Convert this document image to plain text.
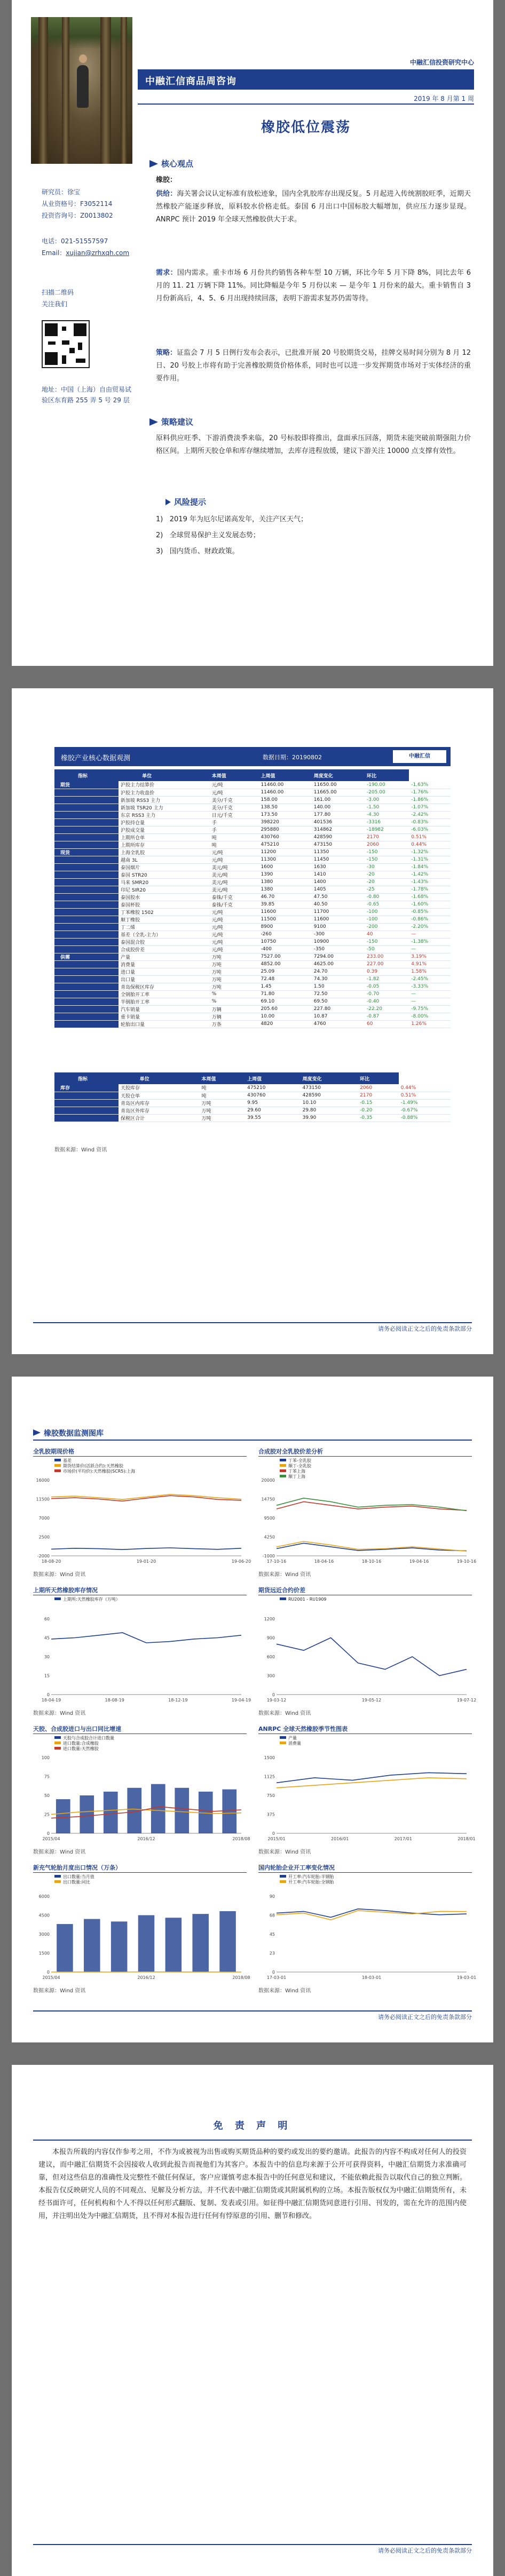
中融汇信投资研究中心
中融汇信商品周咨询
2019 年 8 月第 1 周
橡胶低位震荡
研究员：徐宝
从业资格号：F3052114
投资咨询号：Z0013802
电话：021-51557597
Email：xujian@zrhxqh.com
扫描二维码
关注我们
地址：中国（上海）自由贸易试验区东育路 255 弄 5 号 29 层
核心观点
橡胶：
供给：海关署会议认定标准有放松迹象，国内全乳胶库存出现反复。5 月起进入传统割胶旺季，近期天然橡胶产能逐步释放，原料胶水价格走低。泰国 6 月出口中国标胶大幅增加，供应压力逐步显现。ANRPC 预计 2019 年全球天然橡胶供大于求。
需求：国内需求。重卡市场 6 月份共约销售各种车型 10 万辆，环比今年 5 月下降 8%，同比去年 6 月的 11. 21 万辆下降 11%。同比降幅是今年 5 月份以来 — 是今年 1 月份来的最大。重卡销售自 3 月份新高后，4、5、6 月出现持续回落，表明下游需求复苏仍需等待。
策略：证监会 7 月 5 日例行发布会表示，已批准开展 20 号胶期货交易，挂牌交易时间分别为 8 月 12 日、20 号胶上市将有助于完善橡胶期货价格体系，同时也可以进一步发挥期货市场对于实体经济的重要作用。
策略建议
原料供应旺季、下游消费淡季来临，20 号标胶即将推出，盘面承压回落，期货未能突破前期强阻力价格区间。上期所天胶仓单和库存继续增加，去库存进程放缓，建议下游关注 10000 点支撑有效性。
风险提示
1)   2019 年为厄尔尼诺高发年，关注产区天气；
2)   全球贸易保护主义发展态势；
3)   国内货币、财政政策。
橡胶产业核心数据观测	数据日期：20190802	中融汇信
	指标		单位	本周值	上周值	周度变化	环比	
期货		沪胶主力结算价		元/吨	11460.00	11650.00	-190.00	-1.63%
		沪胶主力收盘价		元/吨	11460.00	11665.00	-205.00	-1.76%
		新加坡 RSS3 主力		美分/千克	158.00	161.00	-3.00	-1.86%
		新加坡 TSR20 主力		美分/千克	138.50	140.00	-1.50	-1.07%
		东京 RSS3 主力		日元/千克	173.50	177.80	-4.30	-2.42%
		沪胶持仓量		手	398220	401536	-3316	-0.83%
		沪胶成交量		手	295880	314862	-18982	-6.03%
		上期所仓单		吨	430760	428590	2170	0.51%
		上期所库存		吨	475210	473150	2060	0.44%
现货		上海全乳胶		元/吨	11200	11350	-150	-1.32%
		越南 3L		元/吨	11300	11450	-150	-1.31%
		泰国烟片		美元/吨	1600	1630	-30	-1.84%
		泰国 STR20		美元/吨	1390	1410	-20	-1.42%
		马来 SMR20		美元/吨	1380	1400	-20	-1.43%
		印尼 SIR20		美元/吨	1380	1405	-25	-1.78%
		泰国胶水		泰铢/千克	46.70	47.50	-0.80	-1.68%
		泰国杯胶		泰铢/千克	39.85	40.50	-0.65	-1.60%
		丁苯橡胶 1502		元/吨	11600	11700	-100	-0.85%
		顺丁橡胶		元/吨	11500	11600	-100	-0.86%
		丁二烯		元/吨	8900	9100	-200	-2.20%
		基差（全乳-主力）		元/吨	-260	-300	40	—
		泰国混合胶		元/吨	10750	10900	-150	-1.38%
		合成胶价差		元/吨	-400	-350	-50	—
供需		产量		万吨	7527.00	7294.00	233.00	3.19%
		消费量		万吨	4852.00	4625.00	227.00	4.91%
		进口量		万吨	25.09	24.70	0.39	1.58%
		出口量		万吨	72.48	74.30	-1.82	-2.45%
		青岛保税区库存		万吨	1.45	1.50	-0.05	-3.33%
		全钢胎开工率		%	71.80	72.50	-0.70	—
		半钢胎开工率		%	69.10	69.50	-0.40	—
		汽车销量		万辆	205.60	227.80	-22.20	-9.75%
		重卡销量		万辆	10.00	10.87	-0.87	-8.00%
		轮胎出口量		万条	4820	4760	60	1.26%
	指标		单位	本周值	上周值	周度变化	环比	
库存		天胶库存		吨	475210	473150	2060	0.44%
		天胶仓单		吨	430760	428590	2170	0.51%
		青岛区内库存		万吨	9.95	10.10	-0.15	-1.49%
		青岛区外库存		万吨	29.60	29.80	-0.20	-0.67%
		保税区合计		万吨	39.55	39.90	-0.35	-0.88%
数据来源：Wind 资讯
请务必阅读正文之后的免责条款部分
橡胶数据监测图库
全乳胶期现价格
-2000
2500
7000
11500
16000
18-08-20	19-01-20	19-06-20
基差
期货结算价(活跃合约):天然橡胶
市场价(平均价):天然橡胶(SCR5):上海
数据来源：Wind 资讯
合成胶对全乳胶价差分析
-1000
4250
9500
14750
20000
17-10-16	18-04-16	18-10-16	19-04-16	19-10-16
丁苯-全乳胶
顺丁-全乳胶
丁苯上海
顺丁上海
数据来源：Wind 资讯
上期所天然橡胶库存情况
0
15
30
45
60
18-04-19	18-08-19	18-12-19	19-04-19
上期所:天然橡胶库存（万吨）
数据来源：Wind 资讯
期货远近合约价差
0
300
600
900
1200
19-03-12	19-05-12	19-07-12
RU2001 - RU1909
数据来源：Wind 资讯
天胶、合成胶进口与出口同比增速
0
25
50
75
100
2015/04	2016/12	2018/08
天胶与合成胶合计进口数量
进口数量:合成橡胶
进口数量:天然橡胶
数据来源：Wind 资讯
ANRPC 全球天然橡胶季节性图表
0
375
750
1125
1500
2015/01	2016/01	2017/01	2018/01
产量
消费量
数据来源：Wind 资讯
新充气轮胎月度出口情况（万条）
0
1500
3000
4500
6000
2015/04	2016/12	2018/08
出口数量:当月值
出口数量:同比
数据来源：Wind 资讯
国内轮胎企业开工率变化情况
0
23
45
68
90
17-03-01	18-03-01	19-03-01
开工率:汽车轮胎:半钢胎
开工率:汽车轮胎:全钢胎
数据来源：Wind 资讯
请务必阅读正文之后的免责条款部分
免 责 声 明
本报告所载的内容仅作参考之用，不作为或被视为出售或购买期货品种的要约或发出的要约邀请。此报告的内容不构成对任何人的投资建议，而中融汇信期货不会因接收人收到此报告而视他们为其客户。本报告中的信息均来源于公开可获得资料，中融汇信期货力求准确可靠，但对这些信息的准确性及完整性不做任何保证，客户应谨慎考虑本报告中的任何意见和建议，不能依赖此报告以取代自己的独立判断。本报告仅反映研究人员的不同观点、见解及分析方法，并不代表中融汇信期货或其附属机构的立场。本报告版权仅为中融汇信期货所有，未经书面许可，任何机构和个人不得以任何形式翻版、复制、发表或引用。如征得中融汇信期货同意进行引用、刊发的，需在允许的范围内使用，并注明出处为中融汇信期货，且不得对本报告进行任何有悖原意的引用、删节和修改。
请务必阅读正文之后的免责条款部分
